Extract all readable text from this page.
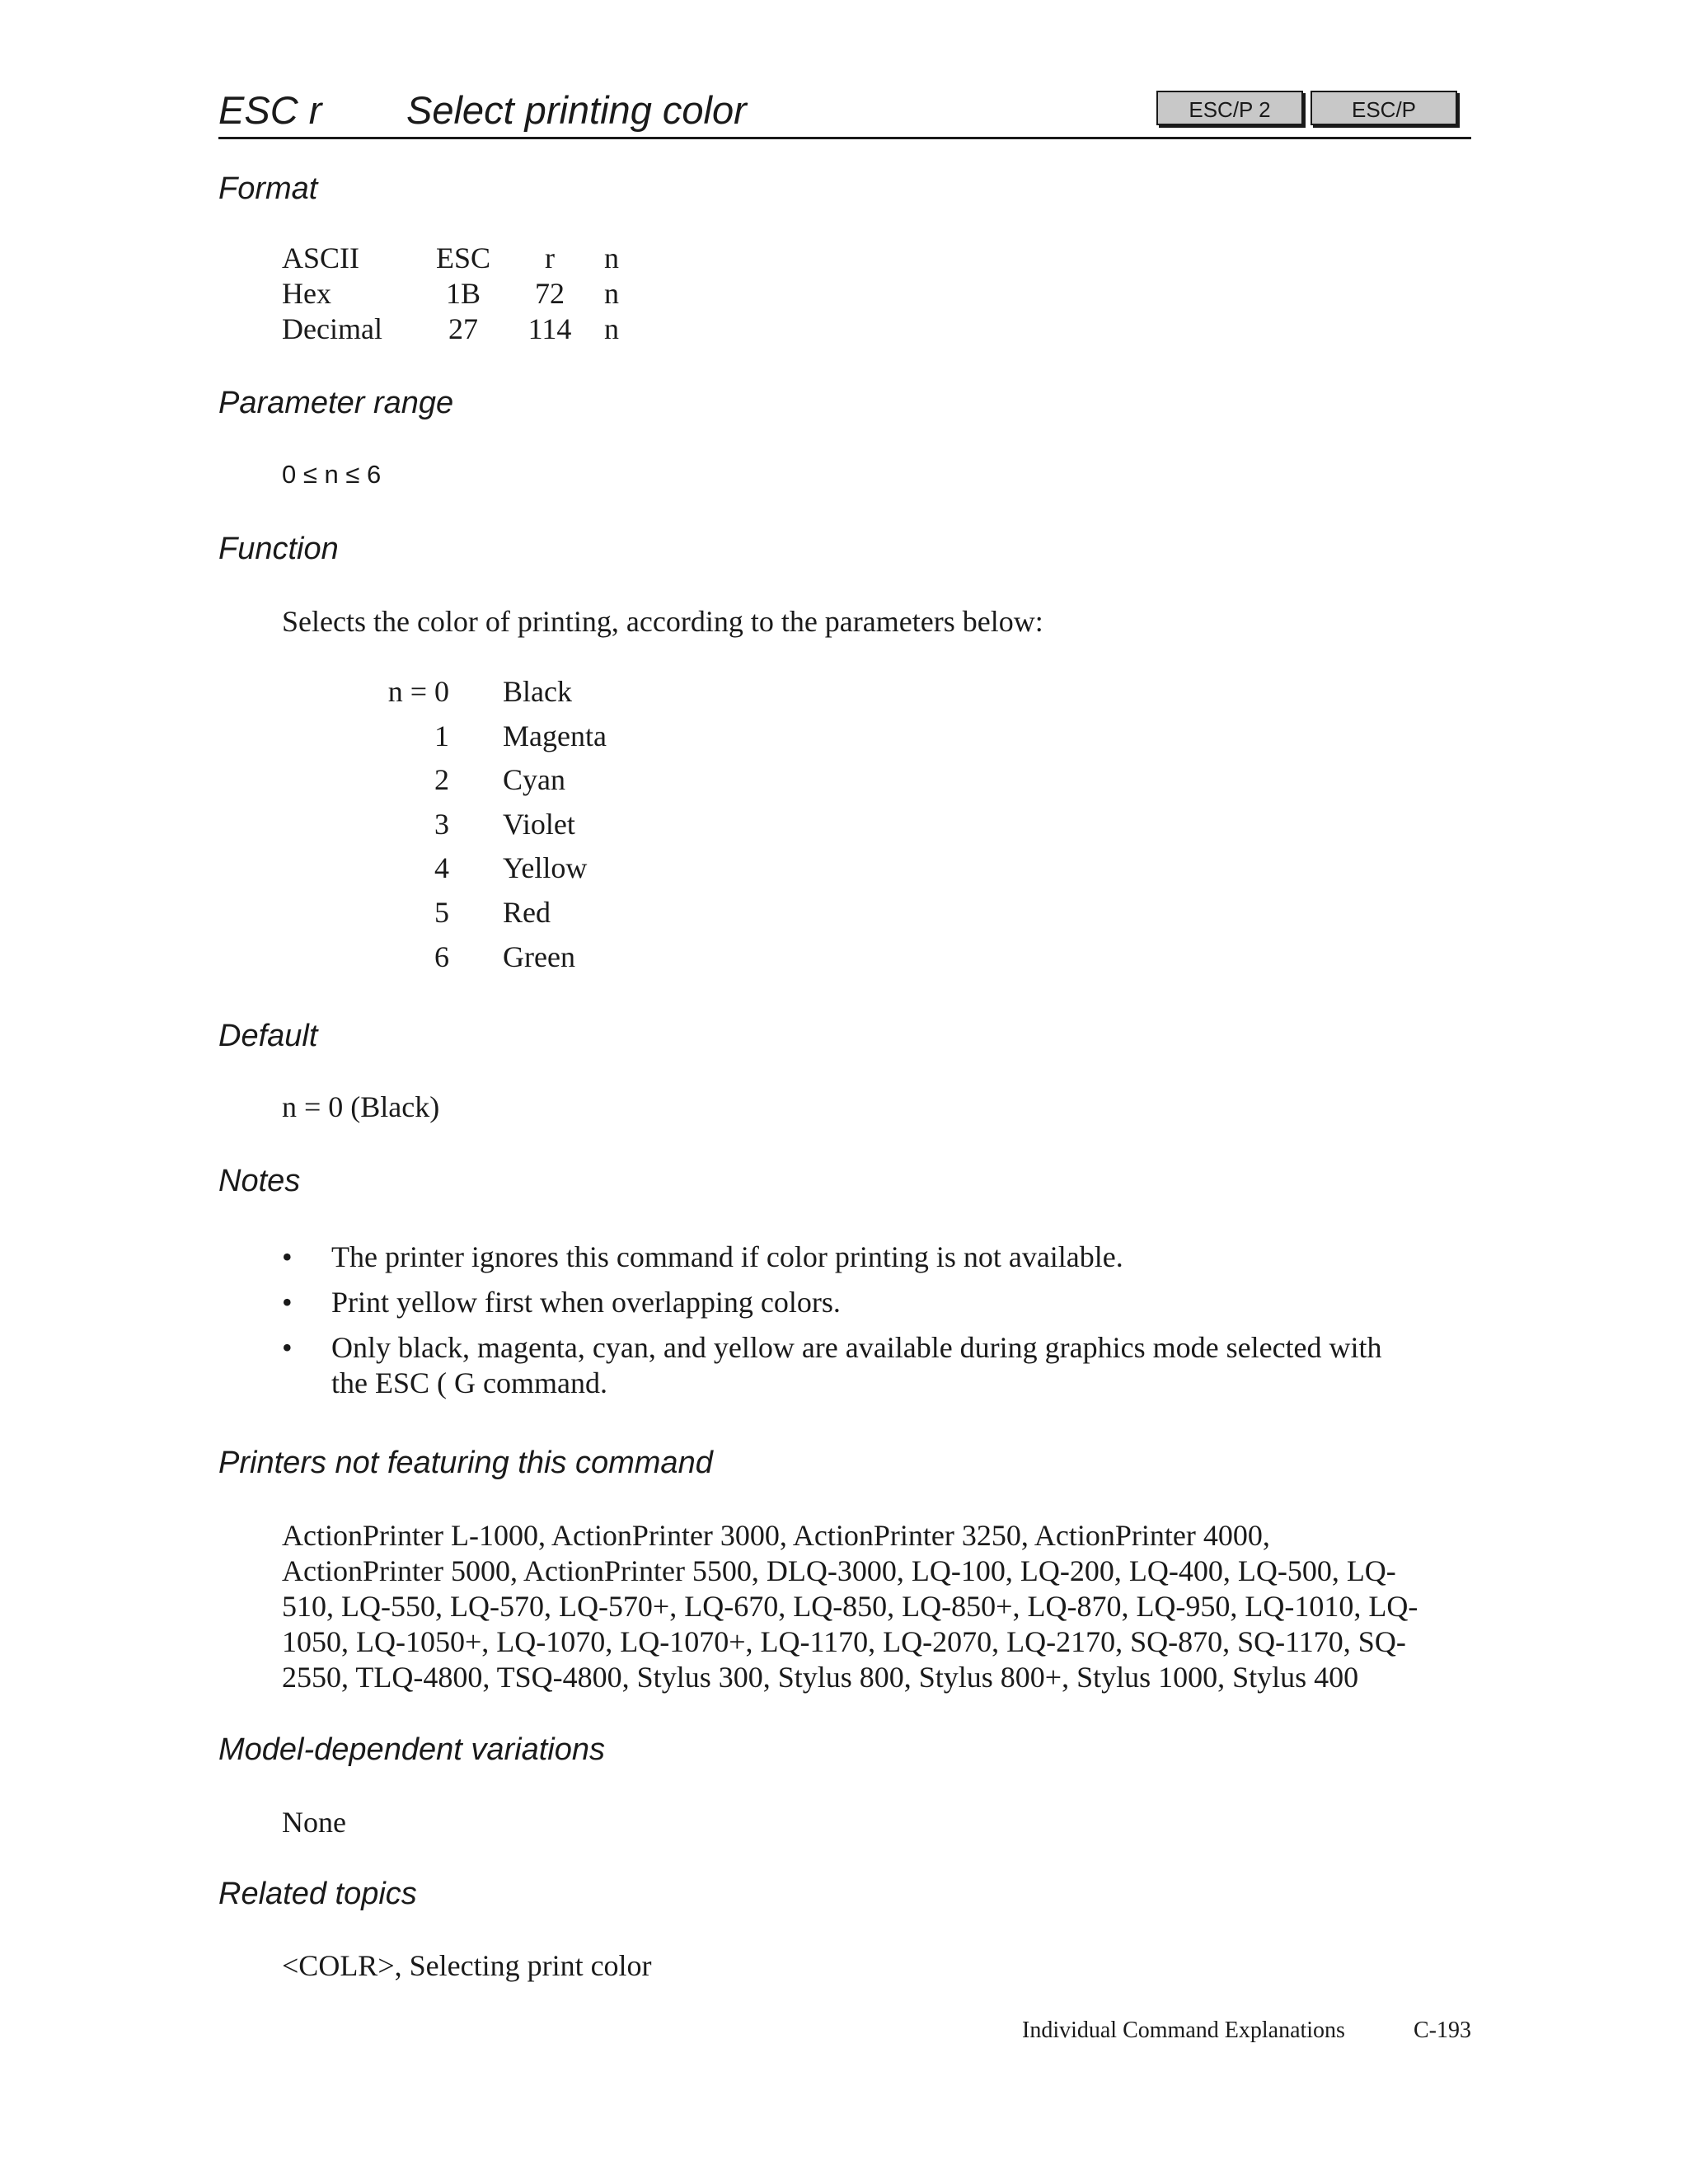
ESC r Select printing color	ESC/P 2	ESC/P
Format
ASCII	ESC	r	n
Hex	1B	72	n
Decimal	27	114	n
Parameter range
0 ≤ n ≤ 6
Function
Selects the color of printing, according to the parameters below:
n = 0 Black
1 Magenta
2 Cyan
3 Violet
4 Yellow
5 Red
6 Green
Default
n = 0 (Black)
Notes
• The printer ignores this command if color printing is not available.
• Print yellow first when overlapping colors.
• Only black, magenta, cyan, and yellow are available during graphics mode selected with the ESC ( G command.
Printers not featuring this command
ActionPrinter L-1000, ActionPrinter 3000, ActionPrinter 3250, ActionPrinter 4000,
ActionPrinter 5000, ActionPrinter 5500, DLQ-3000, LQ-100, LQ-200, LQ-400, LQ-500, LQ-
510, LQ-550, LQ-570, LQ-570+, LQ-670, LQ-850, LQ-850+, LQ-870, LQ-950, LQ-1010, LQ-
1050, LQ-1050+, LQ-1070, LQ-1070+, LQ-1170, LQ-2070, LQ-2170, SQ-870, SQ-1170, SQ-
2550, TLQ-4800, TSQ-4800, Stylus 300, Stylus 800, Stylus 800+, Stylus 1000, Stylus 400
Model-dependent variations
None
Related topics
<COLR>, Selecting print color
Individual Command Explanations	C-193
